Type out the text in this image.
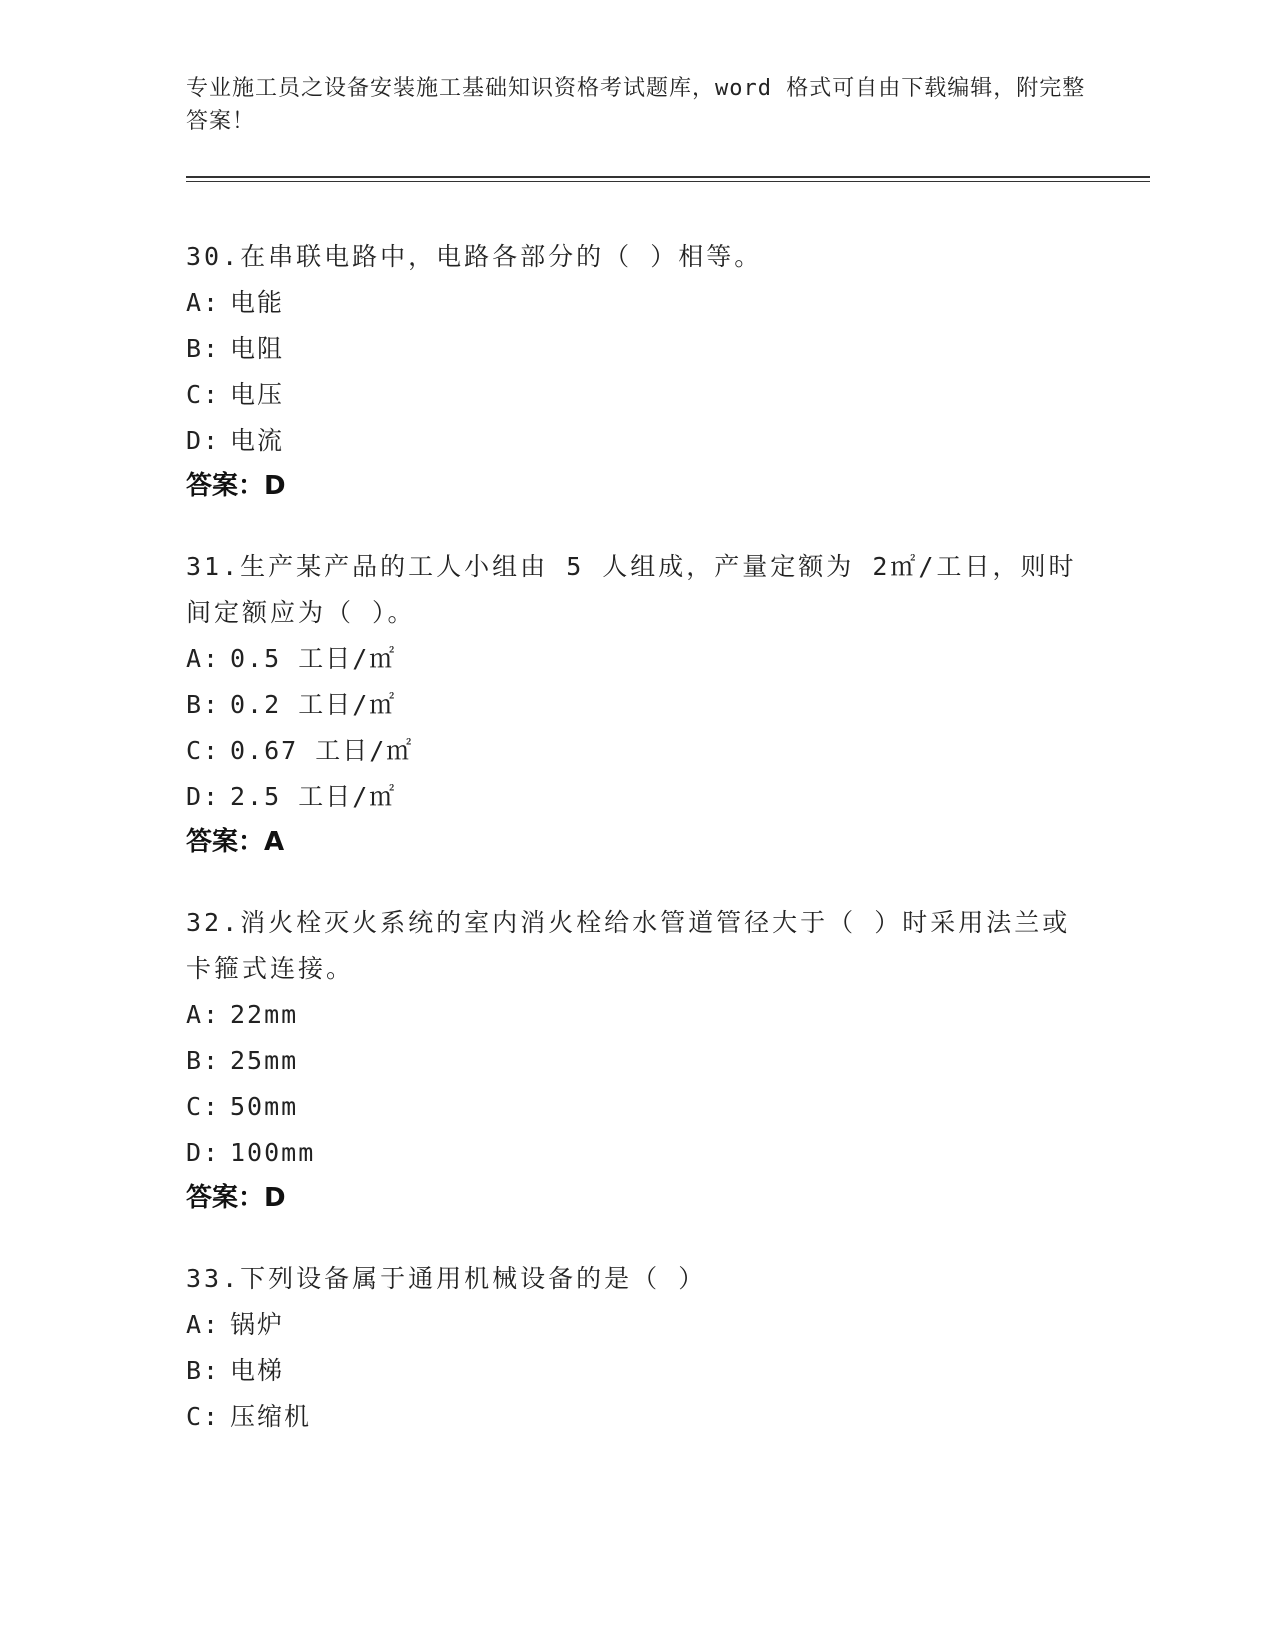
专业施工员之设备安装施工基础知识资格考试题库，word 格式可自由下载编辑，附完整答案！

30.在串联电路中，电路各部分的（ ）相等。

A: 电能

B: 电阻

C: 电压

D: 电流

答案：D

31.生产某产品的工人小组由 5 人组成，产量定额为 2㎡/工日，则时间定额应为（ ）。

A: 0.5 工日/㎡

B: 0.2 工日/㎡

C: 0.67 工日/㎡

D: 2.5 工日/㎡

答案：A

32.消火栓灭火系统的室内消火栓给水管道管径大于（ ）时采用法兰或卡箍式连接。

A: 22mm

B: 25mm

C: 50mm

D: 100mm

答案：D

33.下列设备属于通用机械设备的是（ ）

A: 锅炉

B: 电梯

C: 压缩机
